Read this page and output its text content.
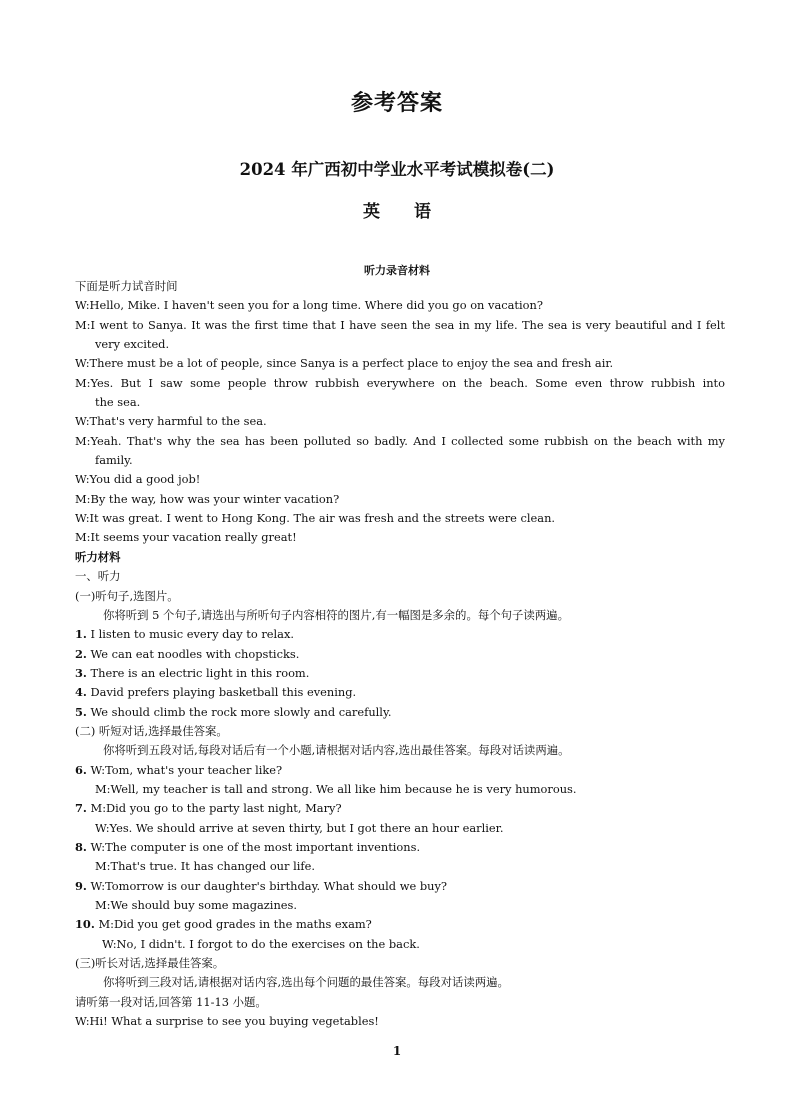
参考答案
2024 年广西初中学业水平考试模拟卷(二)
英 语
听力录音材料
下面是听力试音时间
W:Hello, Mike. I haven't seen you for a long time. Where did you go on vacation?
M:I went to Sanya. It was the first time that I have seen the sea in my life. The sea is very beautiful and I felt
very excited.
W:There must be a lot of people, since Sanya is a perfect place to enjoy the sea and fresh air.
M:Yes. But I saw some people throw rubbish everywhere on the beach. Some even throw rubbish into
the sea.
W:That's very harmful to the sea.
M:Yeah. That's why the sea has been polluted so badly. And I collected some rubbish on the beach with my
family.
W:You did a good job!
M:By the way, how was your winter vacation?
W:It was great. I went to Hong Kong. The air was fresh and the streets were clean.
M:It seems your vacation really great!
听力材料
一、听力
(一)听句子,选图片。
你将听到 5 个句子,请选出与所听句子内容相符的图片,有一幅图是多余的。每个句子读两遍。
1. I listen to music every day to relax.
2. We can eat noodles with chopsticks.
3. There is an electric light in this room.
4. David prefers playing basketball this evening.
5. We should climb the rock more slowly and carefully.
(二) 听短对话,选择最佳答案。
你将听到五段对话,每段对话后有一个小题,请根据对话内容,选出最佳答案。每段对话读两遍。
6. W:Tom, what's your teacher like?
M:Well, my teacher is tall and strong. We all like him because he is very humorous.
7. M:Did you go to the party last night, Mary?
W:Yes. We should arrive at seven thirty, but I got there an hour earlier.
8. W:The computer is one of the most important inventions.
M:That's true. It has changed our life.
9. W:Tomorrow is our daughter's birthday. What should we buy?
M:We should buy some magazines.
10. M:Did you get good grades in the maths exam?
W:No, I didn't. I forgot to do the exercises on the back.
(三)听长对话,选择最佳答案。
你将听到三段对话,请根据对话内容,选出每个问题的最佳答案。每段对话读两遍。
请听第一段对话,回答第 11-13 小题。
W:Hi! What a surprise to see you buying vegetables!
1
